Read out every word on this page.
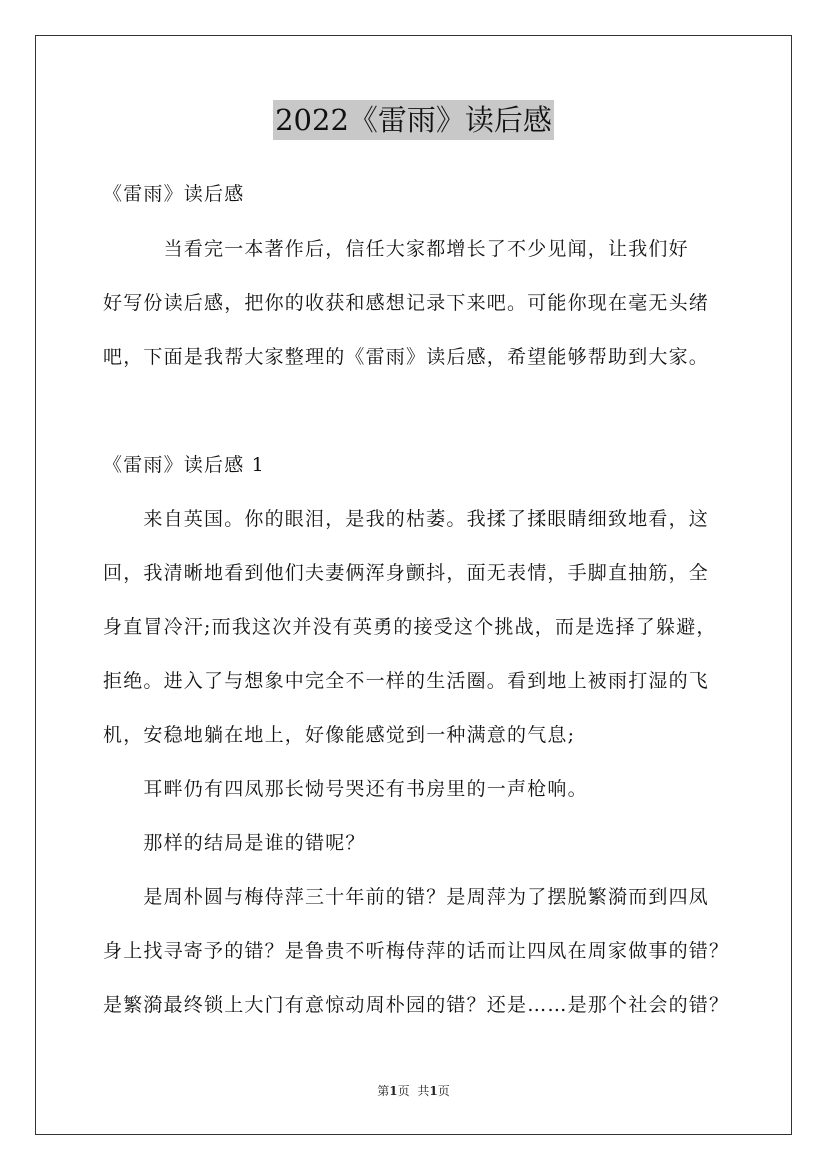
2022《雷雨》读后感
《雷雨》读后感
　　　当看完一本著作后，信任大家都增长了不少见闻，让我们好
好写份读后感，把你的收获和感想记录下来吧。可能你现在毫无头绪
吧，下面是我帮大家整理的《雷雨》读后感，希望能够帮助到大家。
《雷雨》读后感 1
　　来自英国。你的眼泪，是我的枯萎。我揉了揉眼睛细致地看，这
回，我清晰地看到他们夫妻俩浑身颤抖，面无表情，手脚直抽筋，全
身直冒冷汗;而我这次并没有英勇的接受这个挑战，而是选择了躲避，
拒绝。进入了与想象中完全不一样的生活圈。看到地上被雨打湿的飞
机，安稳地躺在地上，好像能感觉到一种满意的气息;
　　耳畔仍有四凤那长恸号哭还有书房里的一声枪响。
　　那样的结局是谁的错呢？
　　是周朴圆与梅侍萍三十年前的错？是周萍为了摆脱繁漪而到四凤
身上找寻寄予的错？是鲁贵不听梅侍萍的话而让四凤在周家做事的错？
是繁漪最终锁上大门有意惊动周朴园的错？还是……是那个社会的错？
第1页 共1页
